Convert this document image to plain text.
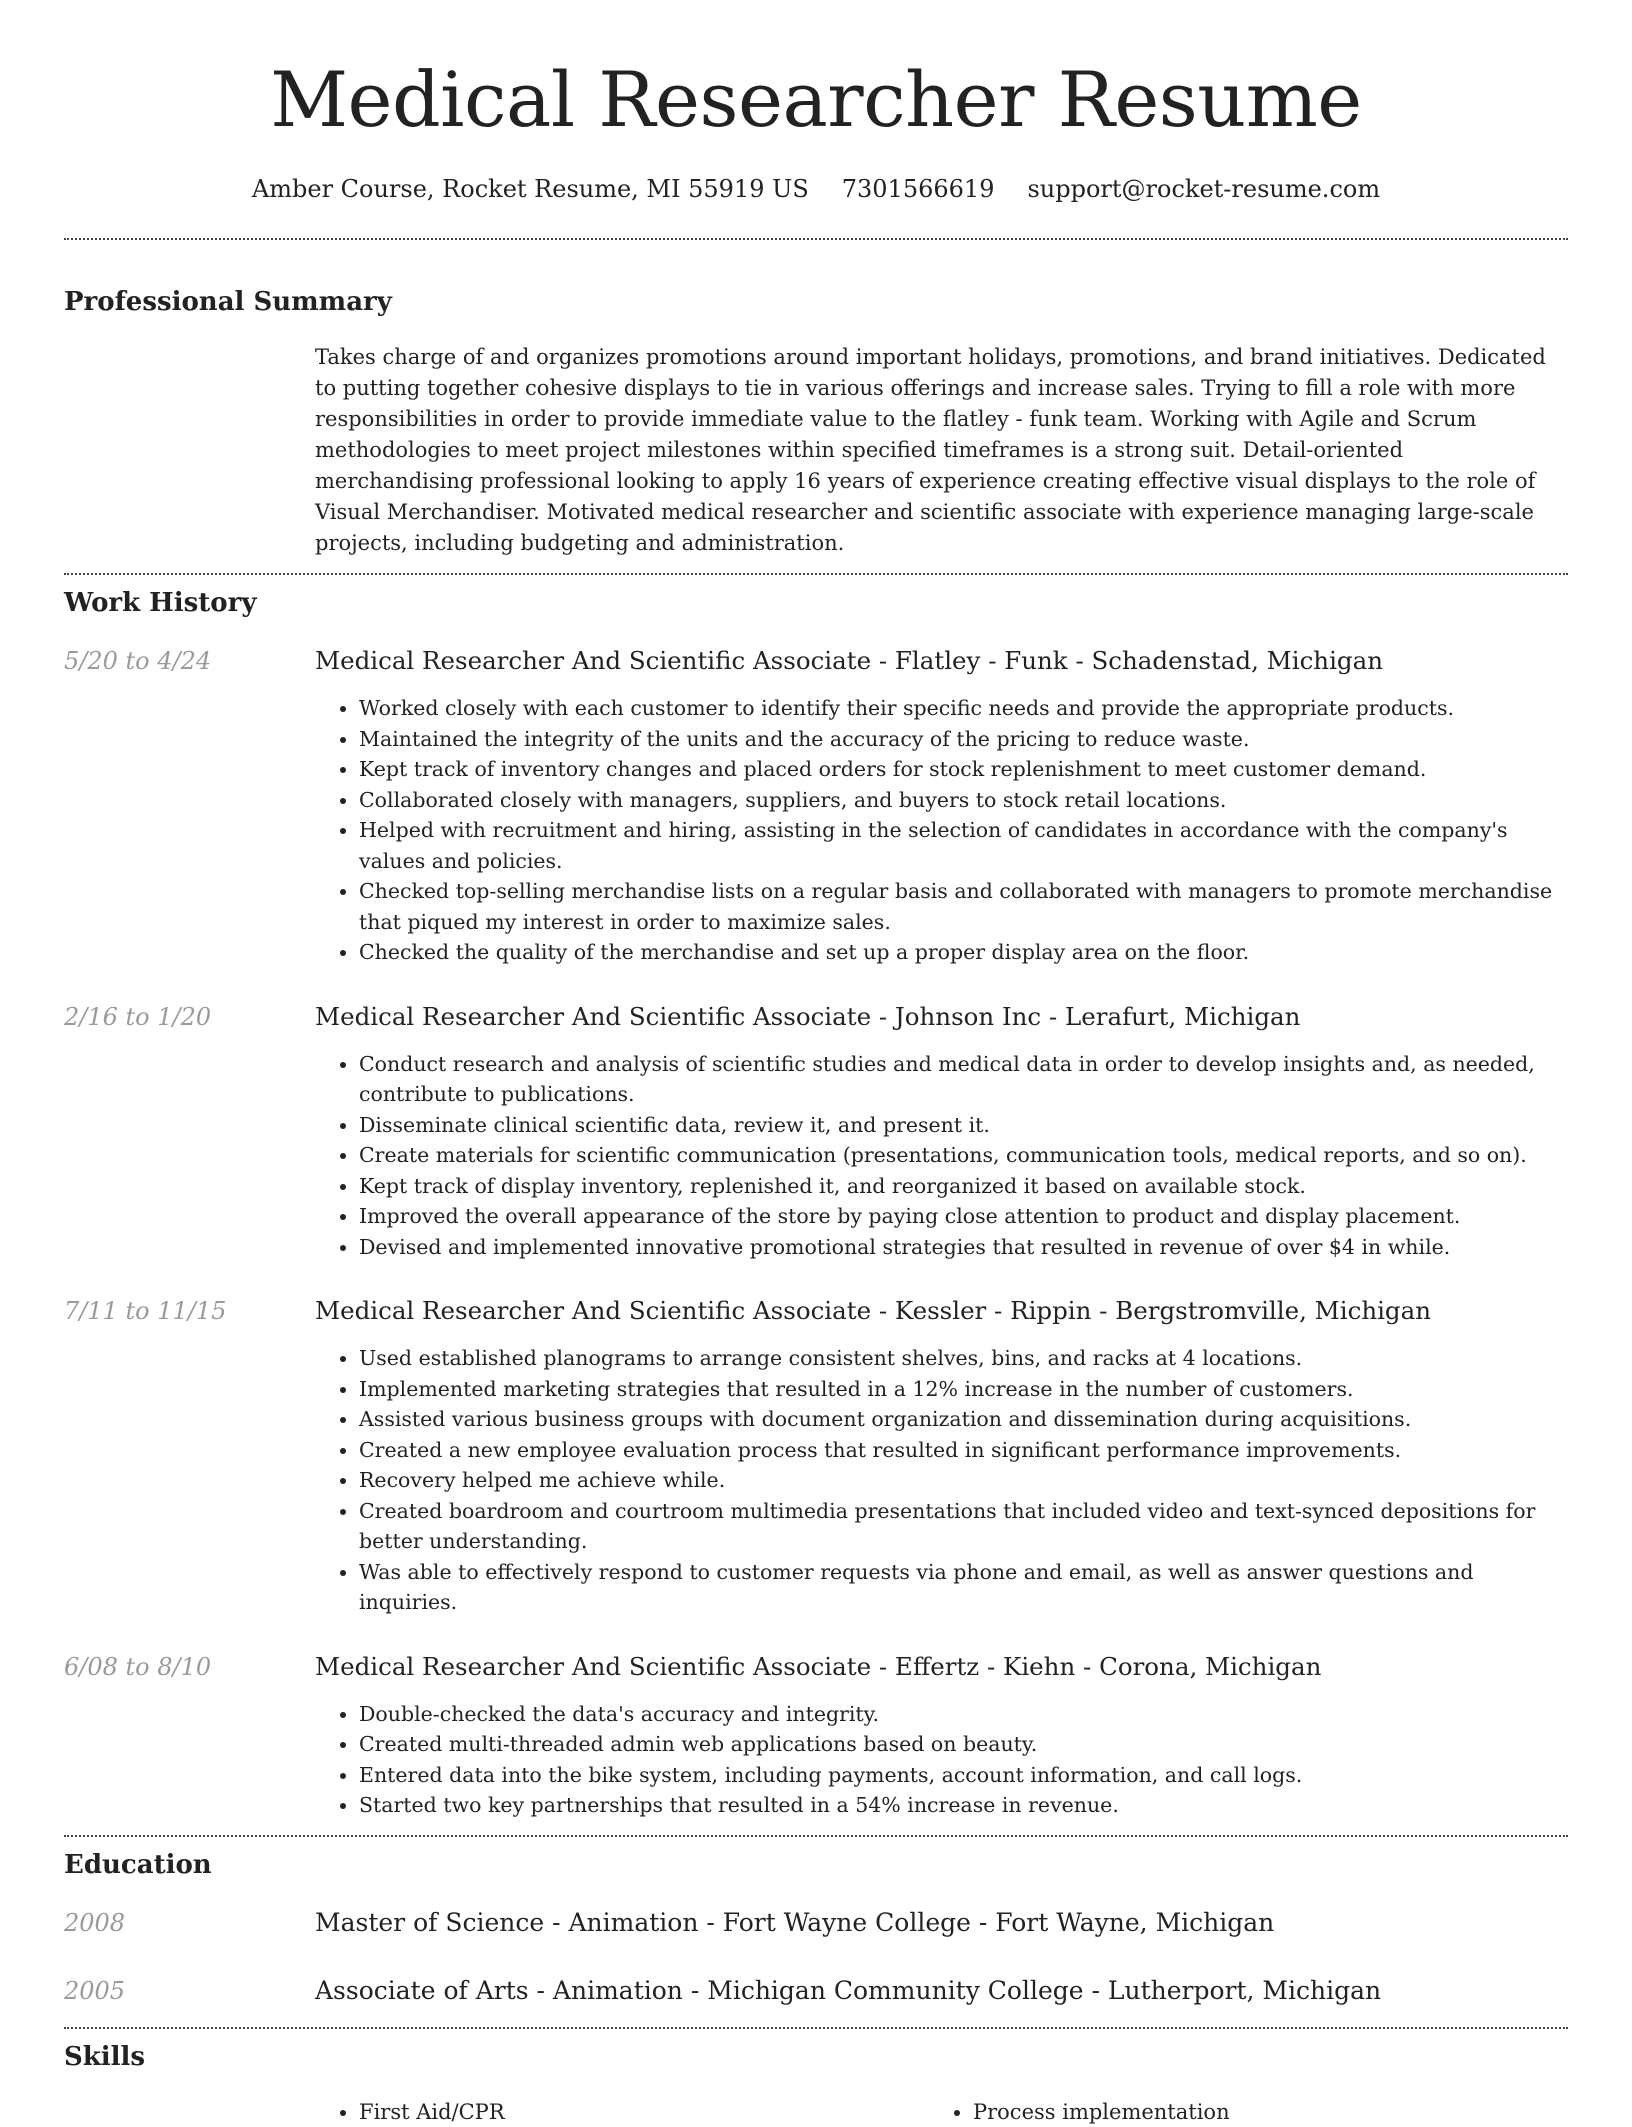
Medical Researcher Resume
Amber Course, Rocket Resume, MI 55919 US 7301566619 support@rocket-resume.com
Professional Summary
Takes charge of and organizes promotions around important holidays, promotions, and brand initiatives. Dedicated to putting together cohesive displays to tie in various offerings and increase sales. Trying to fill a role with more responsibilities in order to provide immediate value to the flatley - funk team. Working with Agile and Scrum methodologies to meet project milestones within specified timeframes is a strong suit. Detail-oriented merchandising professional looking to apply 16 years of experience creating effective visual displays to the role of Visual Merchandiser. Motivated medical researcher and scientific associate with experience managing large-scale projects, including budgeting and administration.
Work History
5/20 to 4/24	Medical Researcher And Scientific Associate - Flatley - Funk - Schadenstad, Michigan
• Worked closely with each customer to identify their specific needs and provide the appropriate products.
• Maintained the integrity of the units and the accuracy of the pricing to reduce waste.
• Kept track of inventory changes and placed orders for stock replenishment to meet customer demand.
• Collaborated closely with managers, suppliers, and buyers to stock retail locations.
• Helped with recruitment and hiring, assisting in the selection of candidates in accordance with the company's values and policies.
• Checked top-selling merchandise lists on a regular basis and collaborated with managers to promote merchandise that piqued my interest in order to maximize sales.
• Checked the quality of the merchandise and set up a proper display area on the floor.
2/16 to 1/20	Medical Researcher And Scientific Associate - Johnson Inc - Lerafurt, Michigan
• Conduct research and analysis of scientific studies and medical data in order to develop insights and, as needed, contribute to publications.
• Disseminate clinical scientific data, review it, and present it.
• Create materials for scientific communication (presentations, communication tools, medical reports, and so on).
• Kept track of display inventory, replenished it, and reorganized it based on available stock.
• Improved the overall appearance of the store by paying close attention to product and display placement.
• Devised and implemented innovative promotional strategies that resulted in revenue of over $4 in while.
7/11 to 11/15	Medical Researcher And Scientific Associate - Kessler - Rippin - Bergstromville, Michigan
• Used established planograms to arrange consistent shelves, bins, and racks at 4 locations.
• Implemented marketing strategies that resulted in a 12% increase in the number of customers.
• Assisted various business groups with document organization and dissemination during acquisitions.
• Created a new employee evaluation process that resulted in significant performance improvements.
• Recovery helped me achieve while.
• Created boardroom and courtroom multimedia presentations that included video and text-synced depositions for better understanding.
• Was able to effectively respond to customer requests via phone and email, as well as answer questions and inquiries.
6/08 to 8/10	Medical Researcher And Scientific Associate - Effertz - Kiehn - Corona, Michigan
• Double-checked the data's accuracy and integrity.
• Created multi-threaded admin web applications based on beauty.
• Entered data into the bike system, including payments, account information, and call logs.
• Started two key partnerships that resulted in a 54% increase in revenue.
Education
2008	Master of Science - Animation - Fort Wayne College - Fort Wayne, Michigan
2005	Associate of Arts - Animation - Michigan Community College - Lutherport, Michigan
Skills
• First Aid/CPR
•	Process implementation
